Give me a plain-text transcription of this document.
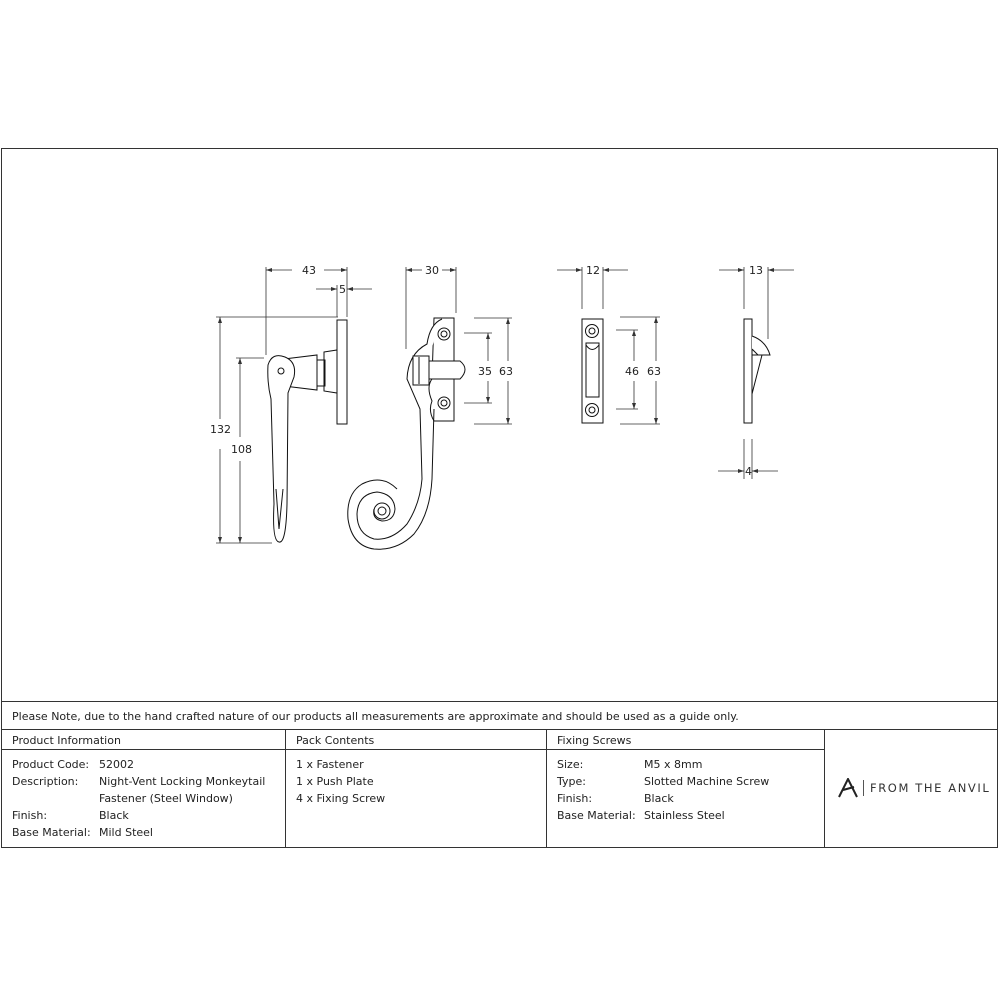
43
5
132
108
30
35 63
12
46 63
13
4
Please Note, due to the hand crafted nature of our products all measurements are approximate and should be used as a guide only.
Product Information
Product Code: 52002
Description:	Night-Vent Locking Monkeytail
Fastener (Steel Window)
Finish:	Black
Base Material: Mild Steel
Pack Contents
1 x Fastener
1 x Push Plate
4 x Fixing Screw
Fixing Screws
Size:	M5 x 8mm
Type:	Slotted Machine Screw
Finish:	Black
Base Material: Stainless Steel
FROM THE ANVIL
